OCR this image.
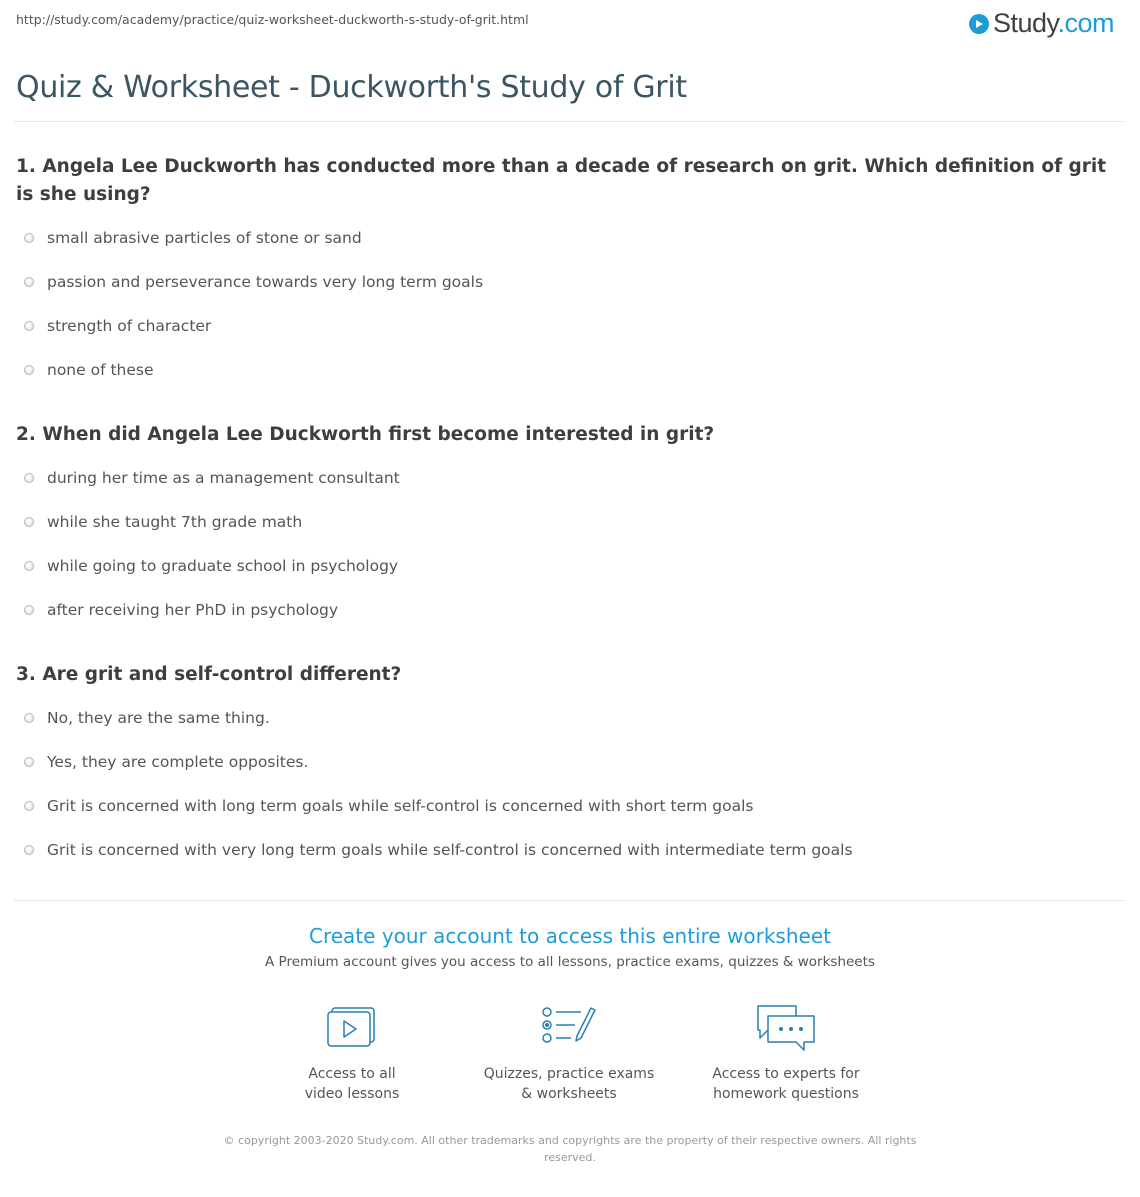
http://study.com/academy/practice/quiz-worksheet-duckworth-s-study-of-grit.html	Study.com
Quiz & Worksheet - Duckworth's Study of Grit

1. Angela Lee Duckworth has conducted more than a decade of research on grit. Which definition of grit is she using?

small abrasive particles of stone or sand
passion and perseverance towards very long term goals
strength of character
none of these

2. When did Angela Lee Duckworth first become interested in grit?

during her time as a management consultant
while she taught 7th grade math
while going to graduate school in psychology
after receiving her PhD in psychology

3. Are grit and self-control different?

No, they are the same thing.
Yes, they are complete opposites.
Grit is concerned with long term goals while self-control is concerned with short term goals
Grit is concerned with very long term goals while self-control is concerned with intermediate term goals
Create your account to access this entire worksheet
A Premium account gives you access to all lessons, practice exams, quizzes & worksheets
Access to all
video lessons
Quizzes, practice exams
& worksheets
Access to experts for
homework questions
© copyright 2003-2020 Study.com. All other trademarks and copyrights are the property of their respective owners. All rights reserved.
